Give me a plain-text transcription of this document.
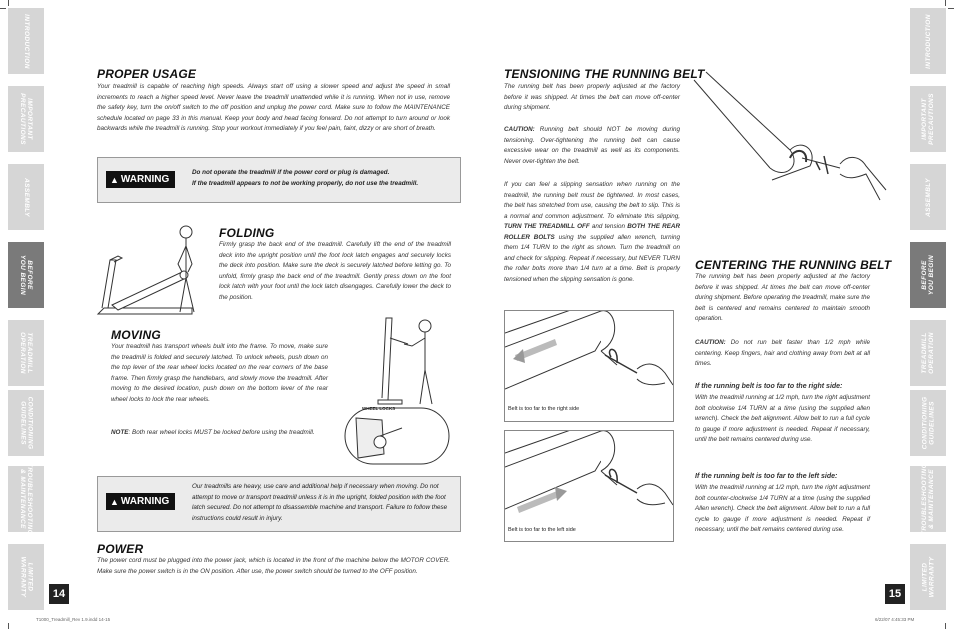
INTRODUCTION
IMPORTANT
PRECAUTIONS
ASSEMBLY
BEFORE
YOU BEGIN
TREADMILL
OPERATION
CONDITIONING
GUIDELINES
TROUBLESHOOTING
& MAINTENANCE
LIMITED
WARRANTY
INTRODUCTION
IMPORTANT
PRECAUTIONS
ASSEMBLY
BEFORE
YOU BEGIN
TREADMILL
OPERATION
CONDITIONING
GUIDELINES
TROUBLESHOOTING
& MAINTENANCE
LIMITED
WARRANTY
PROPER USAGE

Your treadmill is capable of reaching high speeds. Always start off using a slower speed and adjust the speed in small increments to reach a higher speed level. Never leave the treadmill unattended while it is running. When not in use, remove the safety key, turn the on/off switch to the off position and unplug the power cord. Make sure to follow the MAINTENANCE schedule located on page 33 in this manual. Keep your body and head facing forward. Do not attempt to turn around or look backwards while the treadmill is running. Stop your workout immediately if you feel pain, faint, dizzy or are short of breath.

▲ WARNING
Do not operate the treadmill if the power cord or plug is damaged.
If the treadmill appears to not be working properly, do not use the treadmill.
FOLDING

Firmly grasp the back end of the treadmill. Carefully lift the end of the treadmill deck into the upright position until the foot lock latch engages and securely locks the deck into position. Make sure the deck is securely latched before letting go. To unfold, firmly grasp the back end of the treadmill. Gently press down on the foot lock latch with your foot until the lock latch disengages. Carefully lower the deck to the position.

MOVING

Your treadmill has transport wheels built into the frame. To move, make sure the treadmill is folded and securely latched. To unlock wheels, push down on the top lever of the rear wheel locks located on the rear corners of the base frame. Then firmly grasp the handlebars, and slowly move the treadmill. After moving to the desired location, push down on the bottom lever of the rear wheel locks to lock the rear wheels.

NOTE: Both rear wheel locks MUST be locked before using the treadmill.

WHEEL LOCKS
▲ WARNING
Our treadmills are heavy, use care and additional help if necessary when moving. Do not attempt to move or transport treadmill unless it is in the upright, folded position with the foot latch secured. Do not attempt to disassemble machine and transport. Failure to follow these instructions could result in injury.
POWER

The power cord must be plugged into the power jack, which is located in the front of the machine below the MOTOR COVER. Make sure the power switch is in the ON position. After use, the power switch should be turned to the OFF position.

14
T1000_Treadmill_Rev 1.9.indd 14-15
TENSIONING THE RUNNING BELT

The running belt has been properly adjusted at the factory before it was shipped. At times the belt can move off-center during shipment.

CAUTION: Running belt should NOT be moving during tensioning. Over-tightening the running belt can cause excessive wear on the treadmill as well as its components. Never over-tighten the belt.

If you can feel a slipping sensation when running on the treadmill, the running belt must be tightened. In most cases, the belt has stretched from use, causing the belt to slip. This is a normal and common adjustment. To eliminate this slipping, TURN THE TREADMILL OFF and tension BOTH THE REAR ROLLER BOLTS using the supplied allen wrench, turning them 1/4 TURN to the right as shown. Turn the treadmill on and check for slipping. Repeat if necessary, but NEVER TURN the roller bolts more than 1/4 turn at a time. Belt is properly tensioned when the slipping sensation is gone.

Belt is too far to the right side
Belt is too far to the left side
CENTERING THE RUNNING BELT

The running belt has been properly adjusted at the factory before it was shipped. At times the belt can move off-center during shipment. Before operating the treadmill, make sure the belt is centered and remains centered to maintain smooth operation.

CAUTION: Do not run belt faster than 1/2 mph while centering. Keep fingers, hair and clothing away from belt at all times.

If the running belt is too far to the right side:

With the treadmill running at 1/2 mph, turn the right adjustment bolt clockwise 1/4 TURN at a time (using the supplied allen wrench). Check the belt alignment. Allow belt to run a full cycle to gauge if more adjustment is needed. Repeat if necessary, until the belt remains centered during use.

If the running belt is too far to the left side:

With the treadmill running at 1/2 mph, turn the right adjustment bolt counter-clockwise 1/4 TURN at a time (using the supplied Allen wrench). Check the belt alignment. Allow belt to run a full cycle to gauge if more adjustment is needed. Repeat if necessary, until the belt remains centered during use.

15
6/22/07 4:45:33 PM
